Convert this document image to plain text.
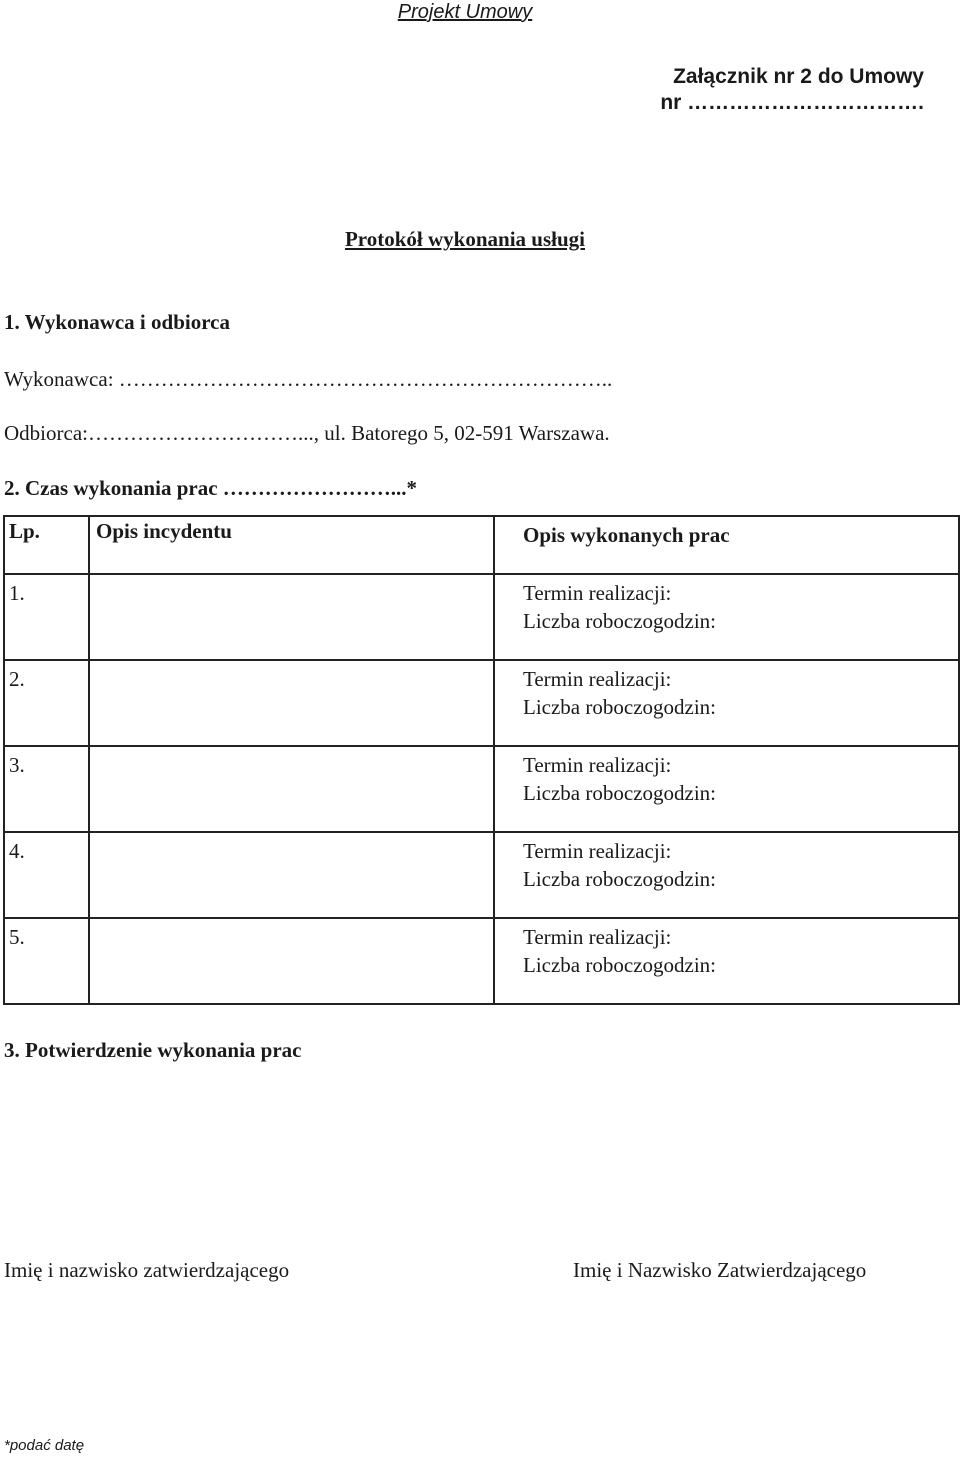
Projekt Umowy
Załącznik nr 2 do Umowy
nr …………………………….
Protokół wykonania usługi
1. Wykonawca i odbiorca
Wykonawca: ……………………………………………………………..
Odbiorca:…………………………..., ul. Batorego 5, 02-591 Warszawa.
2. Czas wykonania prac ……………………...*
Lp.	Opis incydentu	Opis wykonanych prac
1.		Termin realizacji:
Liczba roboczogodzin:

2.		Termin realizacji:
Liczba roboczogodzin:

3.		Termin realizacji:
Liczba roboczogodzin:

4.		Termin realizacji:
Liczba roboczogodzin:

5.		Termin realizacji:
Liczba roboczogodzin:
3. Potwierdzenie wykonania prac
Imię i nazwisko zatwierdzającego	Imię i Nazwisko Zatwierdzającego
*podać datę
